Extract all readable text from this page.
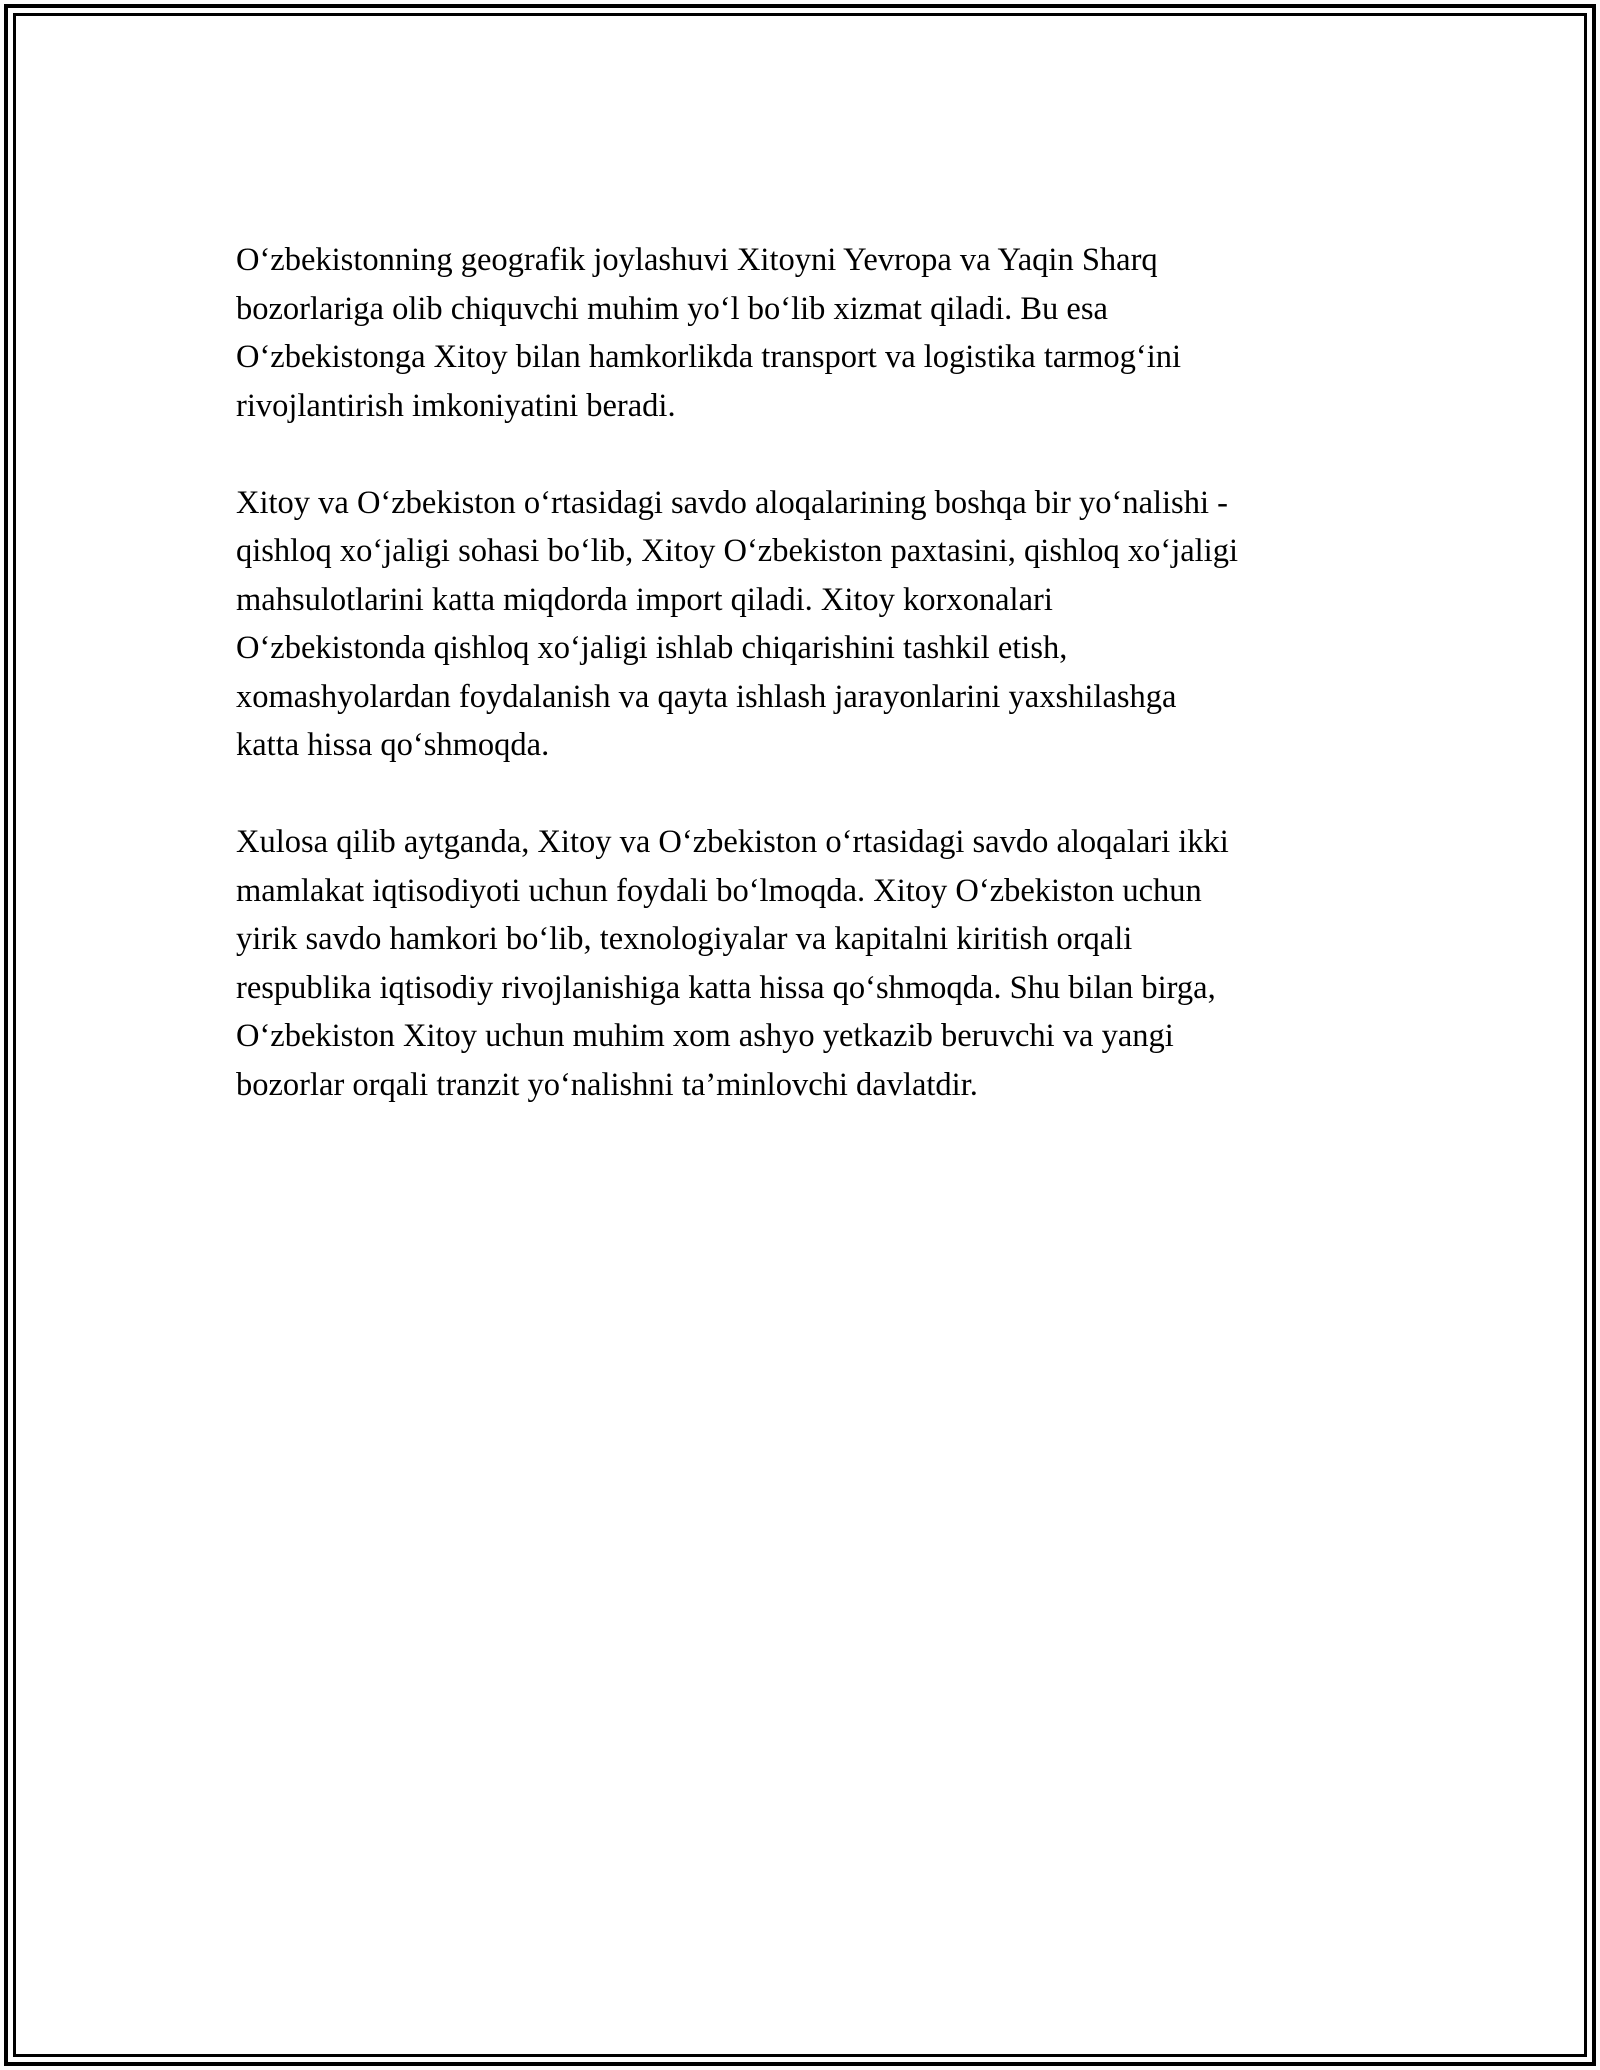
O‘zbekistonning geografik joylashuvi Xitoyni Yevropa va Yaqin Sharq
bozorlariga olib chiquvchi muhim yo‘l bo‘lib xizmat qiladi. Bu esa
O‘zbekistonga Xitoy bilan hamkorlikda transport va logistika tarmog‘ini
rivojlantirish imkoniyatini beradi.

Xitoy va O‘zbekiston o‘rtasidagi savdo aloqalarining boshqa bir yo‘nalishi -
qishloq xo‘jaligi sohasi bo‘lib, Xitoy O‘zbekiston paxtasini, qishloq xo‘jaligi
mahsulotlarini katta miqdorda import qiladi. Xitoy korxonalari
O‘zbekistonda qishloq xo‘jaligi ishlab chiqarishini tashkil etish,
xomashyolardan foydalanish va qayta ishlash jarayonlarini yaxshilashga
katta hissa qo‘shmoqda.

Xulosa qilib aytganda, Xitoy va O‘zbekiston o‘rtasidagi savdo aloqalari ikki
mamlakat iqtisodiyoti uchun foydali bo‘lmoqda. Xitoy O‘zbekiston uchun
yirik savdo hamkori bo‘lib, texnologiyalar va kapitalni kiritish orqali
respublika iqtisodiy rivojlanishiga katta hissa qo‘shmoqda. Shu bilan birga,
O‘zbekiston Xitoy uchun muhim xom ashyo yetkazib beruvchi va yangi
bozorlar orqali tranzit yo‘nalishni ta’minlovchi davlatdir.
